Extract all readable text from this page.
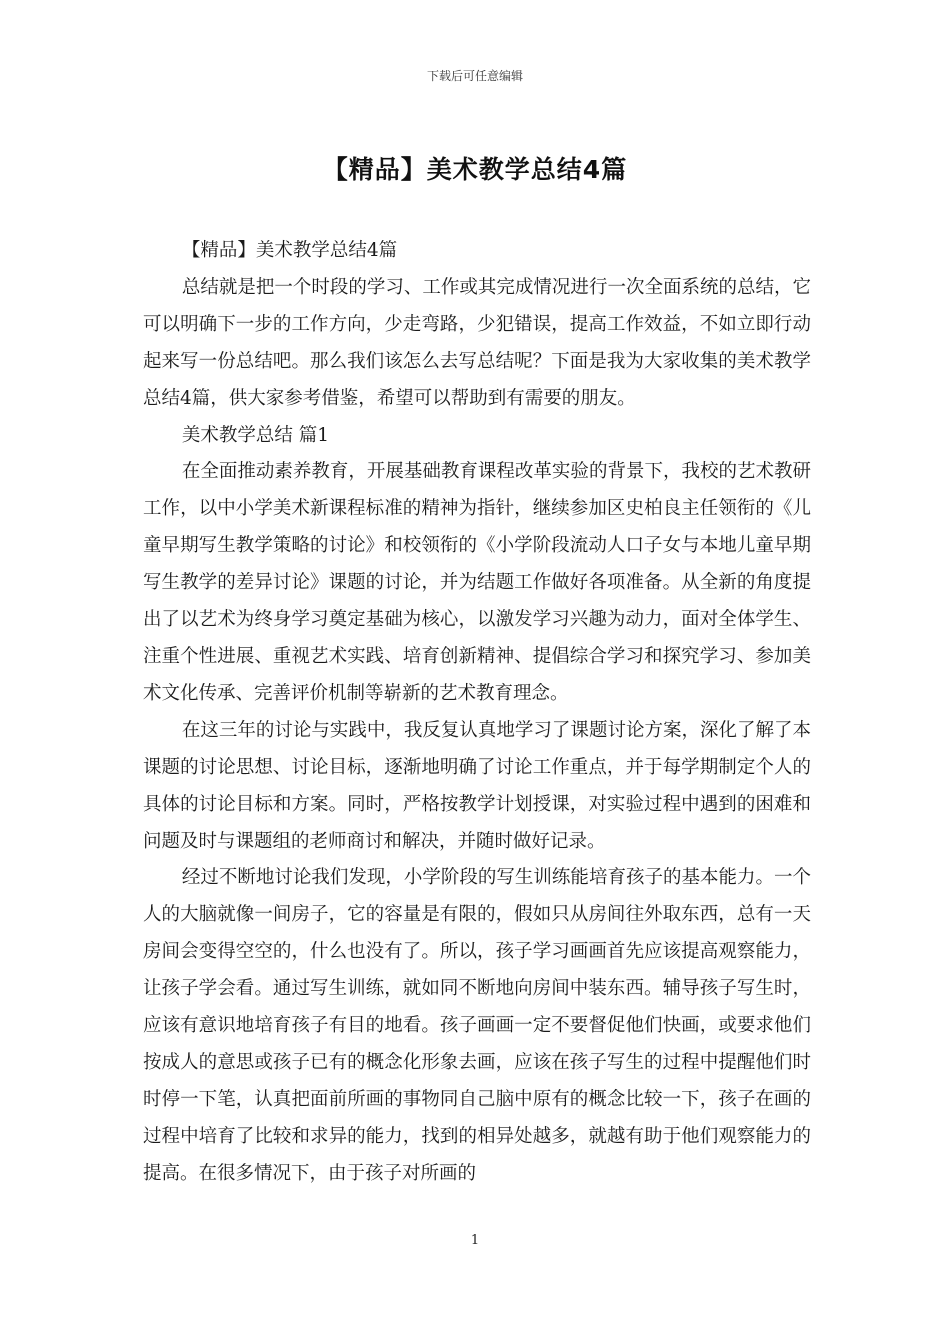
下载后可任意编辑
【精品】美术教学总结4篇

【精品】美术教学总结4篇

总结就是把一个时段的学习、工作或其完成情况进行一次全面系统的总结，它可以明确下一步的工作方向，少走弯路，少犯错误，提高工作效益，不如立即行动起来写一份总结吧。那么我们该怎么去写总结呢？下面是我为大家收集的美术教学总结4篇，供大家参考借鉴，希望可以帮助到有需要的朋友。

美术教学总结 篇1

在全面推动素养教育，开展基础教育课程改革实验的背景下，我校的艺术教研工作，以中小学美术新课程标准的精神为指针，继续参加区史柏良主任领衔的《儿童早期写生教学策略的讨论》和校领衔的《小学阶段流动人口子女与本地儿童早期写生教学的差异讨论》课题的讨论，并为结题工作做好各项准备。从全新的角度提出了以艺术为终身学习奠定基础为核心，以激发学习兴趣为动力，面对全体学生、注重个性进展、重视艺术实践、培育创新精神、提倡综合学习和探究学习、参加美术文化传承、完善评价机制等崭新的艺术教育理念。

在这三年的讨论与实践中，我反复认真地学习了课题讨论方案，深化了解了本课题的讨论思想、讨论目标，逐渐地明确了讨论工作重点，并于每学期制定个人的具体的讨论目标和方案。同时，严格按教学计划授课，对实验过程中遇到的困难和问题及时与课题组的老师商讨和解决，并随时做好记录。

经过不断地讨论我们发现，小学阶段的写生训练能培育孩子的基本能力。一个人的大脑就像一间房子，它的容量是有限的，假如只从房间往外取东西，总有一天房间会变得空空的，什么也没有了。所以，孩子学习画画首先应该提高观察能力，让孩子学会看。通过写生训练，就如同不断地向房间中装东西。辅导孩子写生时，应该有意识地培育孩子有目的地看。孩子画画一定不要督促他们快画，或要求他们按成人的意思或孩子已有的概念化形象去画，应该在孩子写生的过程中提醒他们时时停一下笔，认真把面前所画的事物同自己脑中原有的概念比较一下，孩子在画的过程中培育了比较和求异的能力，找到的相异处越多，就越有助于他们观察能力的提高。在很多情况下，由于孩子对所画的

1
